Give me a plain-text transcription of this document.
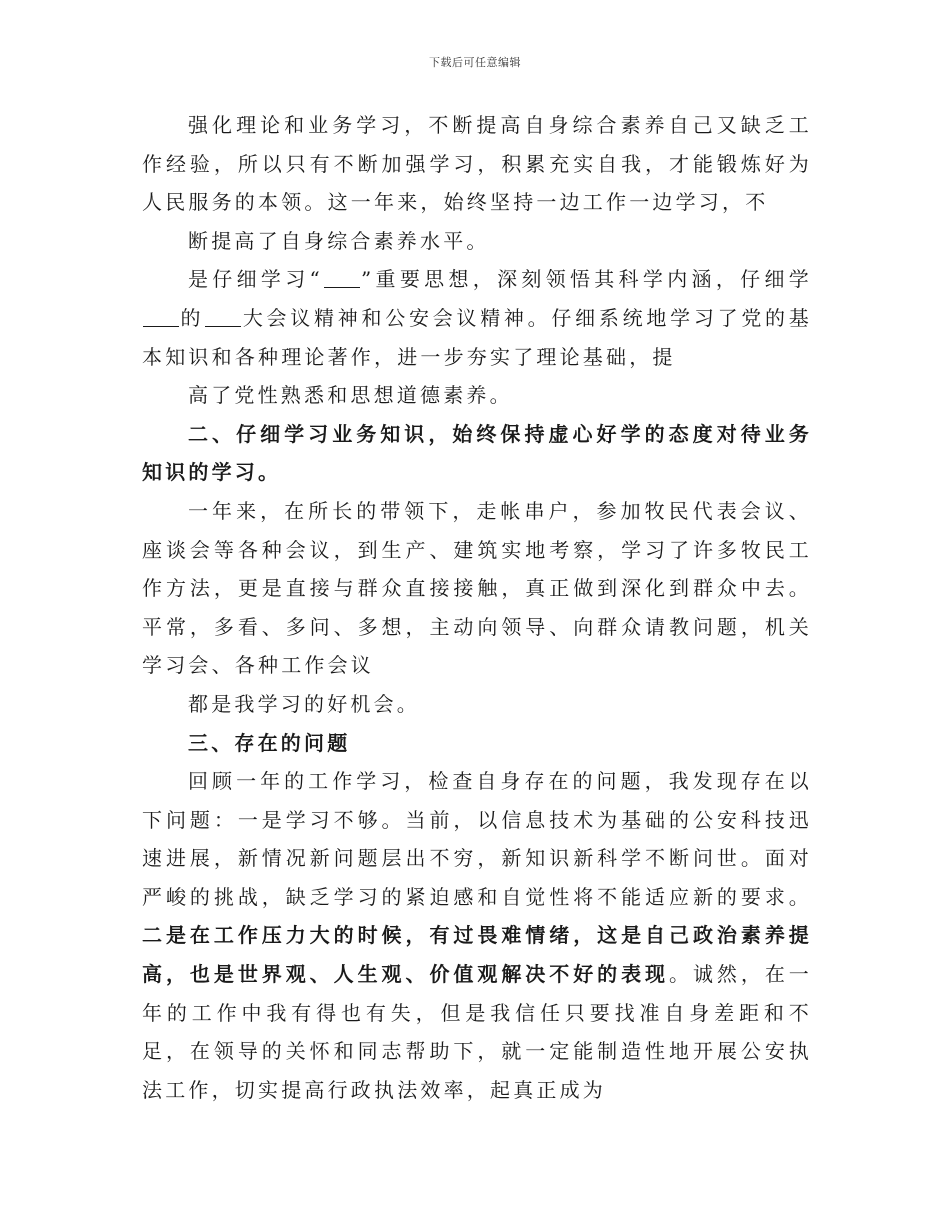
下载后可任意编辑

强化理论和业务学习，不断提高自身综合素养自己又缺乏工作经验，所以只有不断加强学习，积累充实自我，才能锻炼好为人民服务的本领。这一年来，始终坚持一边工作一边学习，不

断提高了自身综合素养水平。

是仔细学习“ ”重要思想，深刻领悟其科学内涵，仔细学的 大会议精神和公安会议精神。仔细系统地学习了党的基本知识和各种理论著作，进一步夯实了理论基础，提

高了党性熟悉和思想道德素养。

二、仔细学习业务知识，始终保持虚心好学的态度对待业务知识的学习。

一年来，在所长的带领下，走帐串户，参加牧民代表会议、座谈会等各种会议，到生产、建筑实地考察，学习了许多牧民工作方法，更是直接与群众直接接触，真正做到深化到群众中去。平常，多看、多问、多想，主动向领导、向群众请教问题，机关学习会、各种工作会议

都是我学习的好机会。

三、存在的问题

回顾一年的工作学习，检查自身存在的问题，我发现存在以下问题：一是学习不够。当前，以信息技术为基础的公安科技迅速进展，新情况新问题层出不穷，新知识新科学不断问世。面对严峻的挑战，缺乏学习的紧迫感和自觉性将不能适应新的要求。二是在工作压力大的时候，有过畏难情绪，这是自己政治素养提高，也是世界观、人生观、价值观解决不好的表现。诚然，在一年的工作中我有得也有失，但是我信任只要找准自身差距和不足，在领导的关怀和同志帮助下，就一定能制造性地开展公安执法工作，切实提高行政执法效率，起真正成为
